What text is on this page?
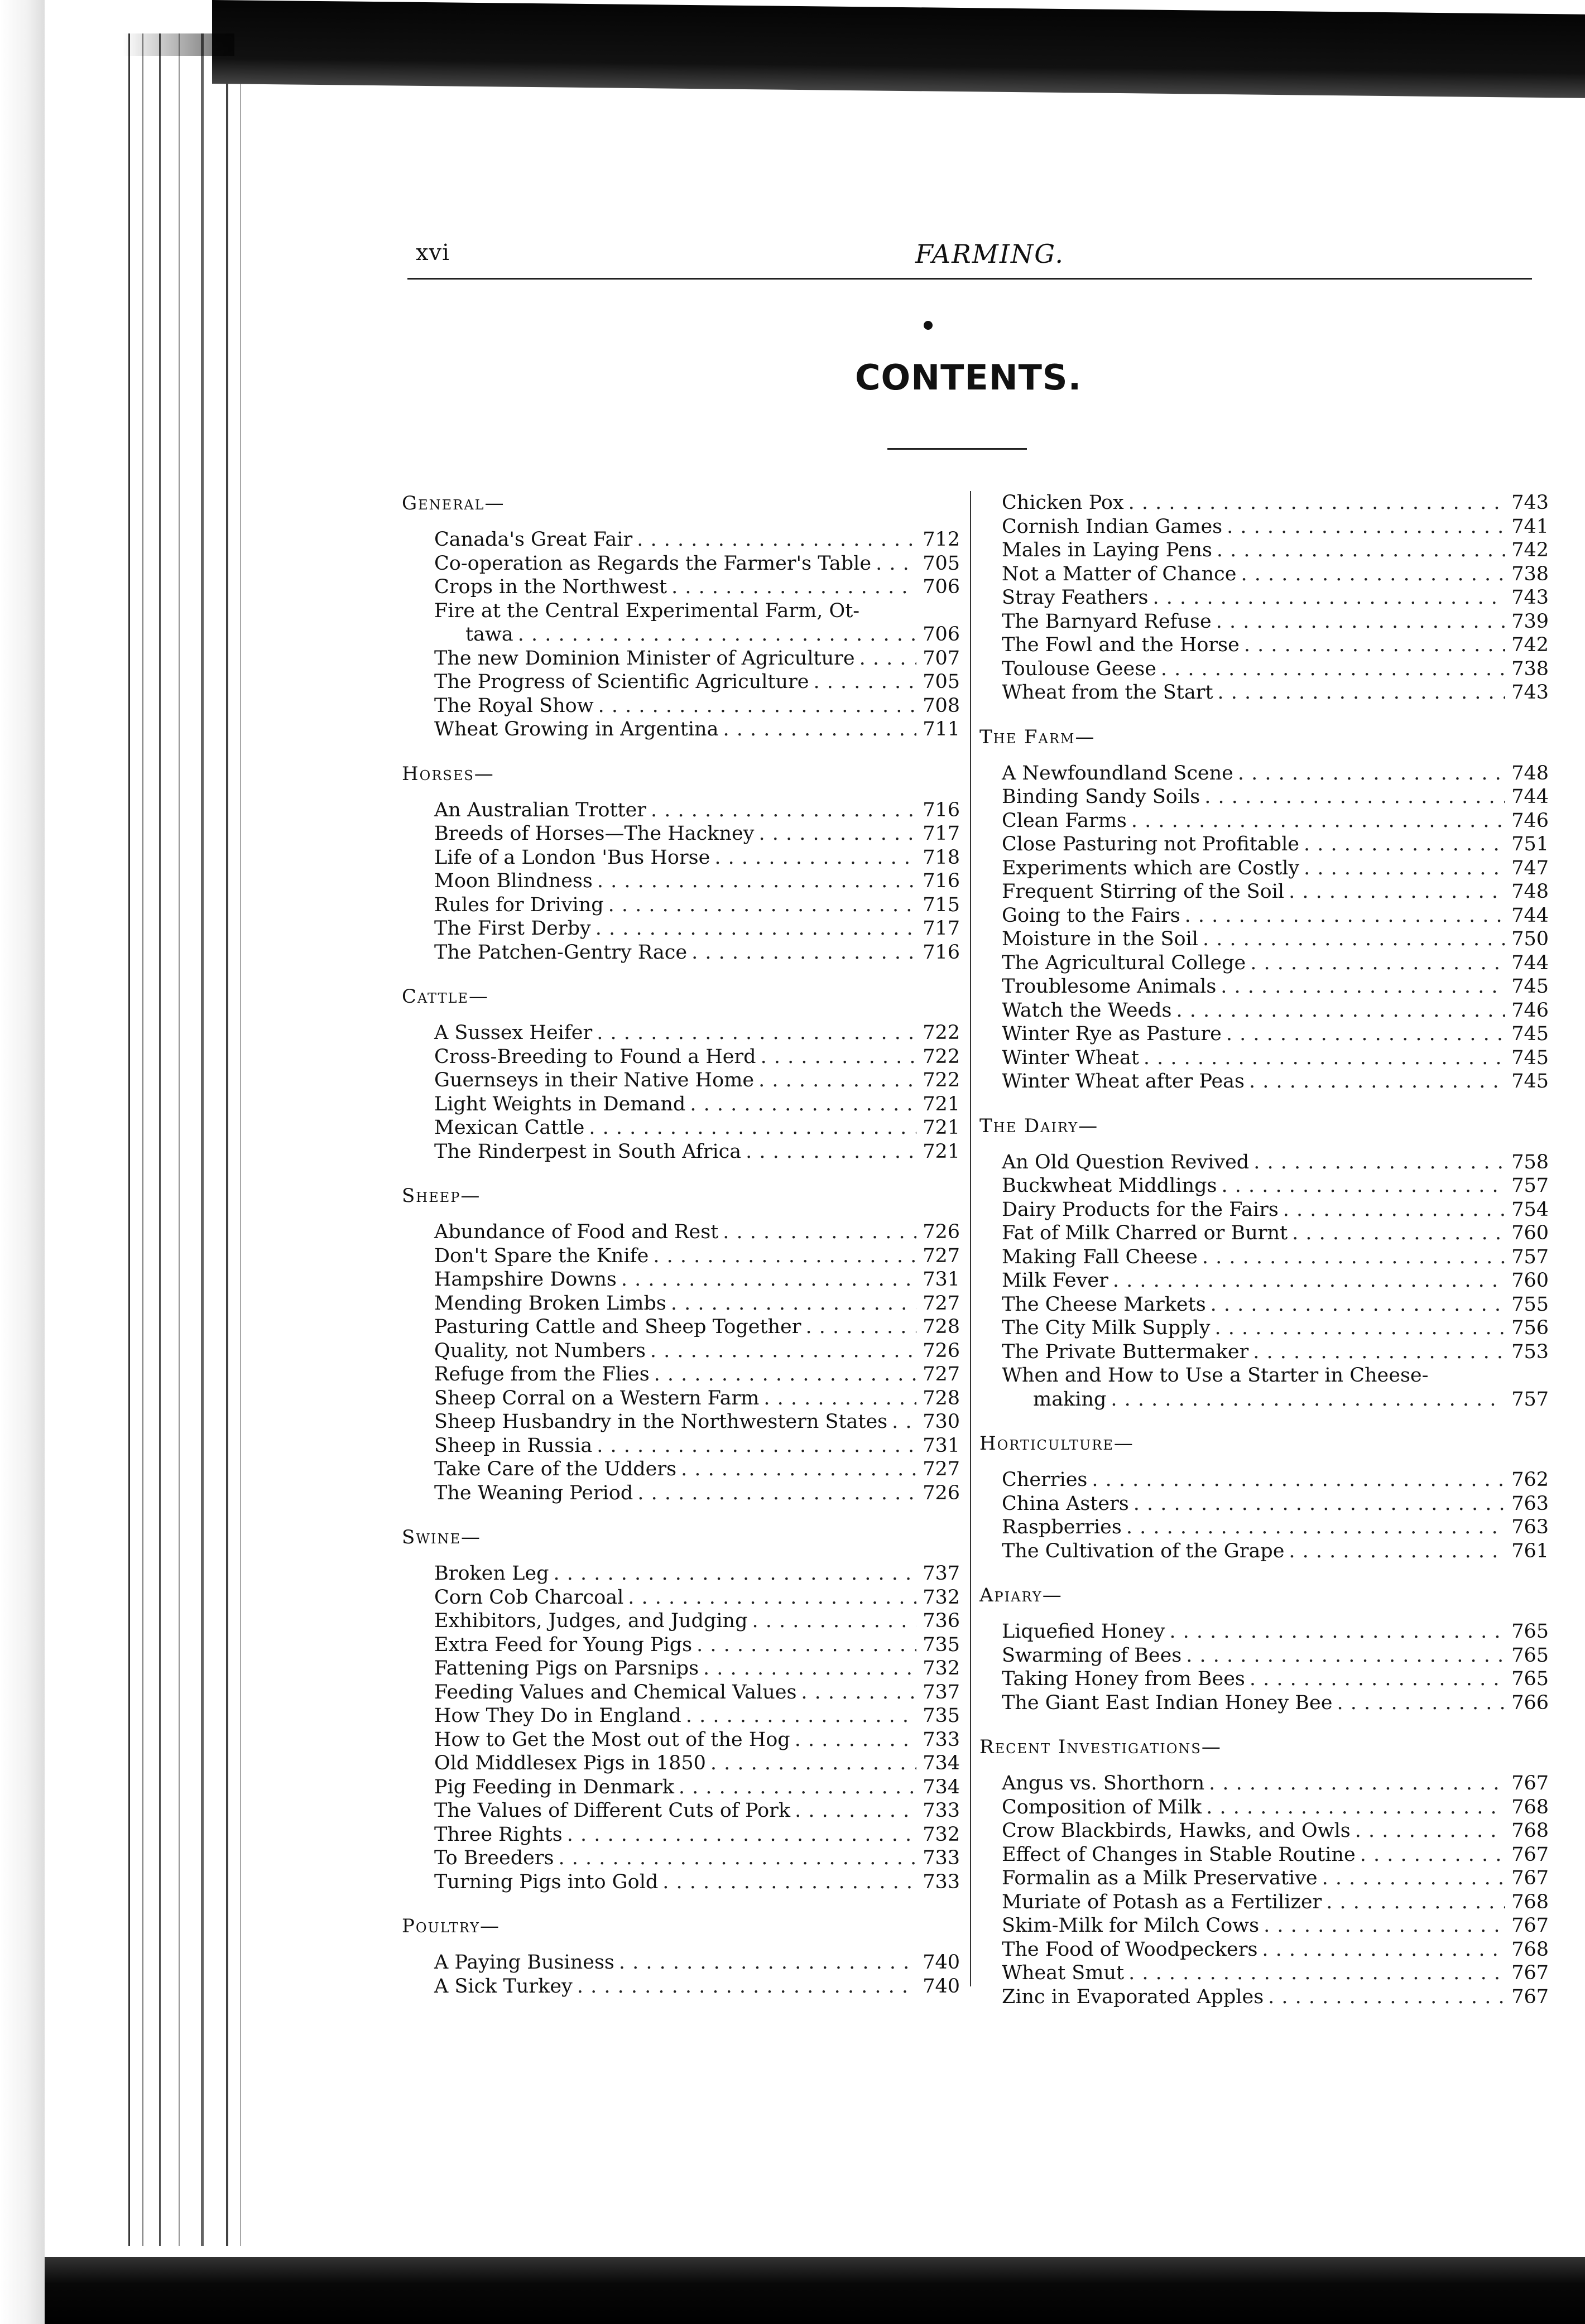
xvi	FARMING.
CONTENTS.
General—
Canada's Great Fair . . .	712
Co-operation as Regards the Farmer's Table . . .	705
Crops in the Northwest . . .	706
Fire at the Central Experimental Farm, Ot-
tawa . . .	706
The new Dominion Minister of Agriculture . . .	707
The Progress of Scientific Agriculture . . .	705
The Royal Show . . .	708
Wheat Growing in Argentina . . .	711
Horses—
An Australian Trotter . . .	716
Breeds of Horses—The Hackney . . .	717
Life of a London 'Bus Horse . . .	718
Moon Blindness . . .	716
Rules for Driving . . .	715
The First Derby . . .	717
The Patchen-Gentry Race . . .	716
Cattle—
A Sussex Heifer . . .	722
Cross-Breeding to Found a Herd . . .	722
Guernseys in their Native Home . . .	722
Light Weights in Demand . . .	721
Mexican Cattle . . .	721
The Rinderpest in South Africa . . .	721
Sheep—
Abundance of Food and Rest . . .	726
Don't Spare the Knife . . .	727
Hampshire Downs . . .	731
Mending Broken Limbs . . .	727
Pasturing Cattle and Sheep Together . . .	728
Quality, not Numbers . . .	726
Refuge from the Flies . . .	727
Sheep Corral on a Western Farm . . .	728
Sheep Husbandry in the Northwestern States . . . 730
Sheep in Russia . . .	731
Take Care of the Udders . . .	727
The Weaning Period . . .	726
Swine—
Broken Leg . . .	737
Corn Cob Charcoal . . .	732
Exhibitors, Judges, and Judging . . .	736
Extra Feed for Young Pigs . . .	735
Fattening Pigs on Parsnips . . .	732
Feeding Values and Chemical Values . . .	737
How They Do in England . . .	735
How to Get the Most out of the Hog . . .	733
Old Middlesex Pigs in 1850 . . .	734
Pig Feeding in Denmark . . .	734
The Values of Different Cuts of Pork . . .	733
Three Rights . . .	732
To Breeders . . .	733
Turning Pigs into Gold . . .	733
Poultry—
A Paying Business . . .	740
A Sick Turkey . . .	740
Chicken Pox . . .	743
Cornish Indian Games . . .	741
Males in Laying Pens . . .	742
Not a Matter of Chance . . .	738
Stray Feathers . . .	743
The Barnyard Refuse . . .	739
The Fowl and the Horse . . .	742
Toulouse Geese . . .	738
Wheat from the Start . . .	743
The Farm—
A Newfoundland Scene . . .	748
Binding Sandy Soils . . .	744
Clean Farms . . .	746
Close Pasturing not Profitable . . .	751
Experiments which are Costly . . .	747
Frequent Stirring of the Soil . . .	748
Going to the Fairs . . .	744
Moisture in the Soil . . .	750
The Agricultural College . . .	744
Troublesome Animals . . .	745
Watch the Weeds . . .	746
Winter Rye as Pasture . . .	745
Winter Wheat . . .	745
Winter Wheat after Peas . . .	745
The Dairy—
An Old Question Revived . . .	758
Buckwheat Middlings . . .	757
Dairy Products for the Fairs . . .	754
Fat of Milk Charred or Burnt . . .	760
Making Fall Cheese . . .	757
Milk Fever . . .	760
The Cheese Markets . . .	755
The City Milk Supply . . .	756
The Private Buttermaker . . .	753
When and How to Use a Starter in Cheese-
making . . .	757
Horticulture—
Cherries . . .	762
China Asters . . .	763
Raspberries . . .	763
The Cultivation of the Grape . . .	761
Apiary—
Liquefied Honey . . .	765
Swarming of Bees . . .	765
Taking Honey from Bees . . .	765
The Giant East Indian Honey Bee . . .	766
Recent Investigations—
Angus vs. Shorthorn . . .	767
Composition of Milk . . .	768
Crow Blackbirds, Hawks, and Owls . . .	768
Effect of Changes in Stable Routine . . .	767
Formalin as a Milk Preservative . . .	767
Muriate of Potash as a Fertilizer . . .	768
Skim-Milk for Milch Cows . . .	767
The Food of Woodpeckers . . .	768
Wheat Smut . . .	767
Zinc in Evaporated Apples . . .	767
